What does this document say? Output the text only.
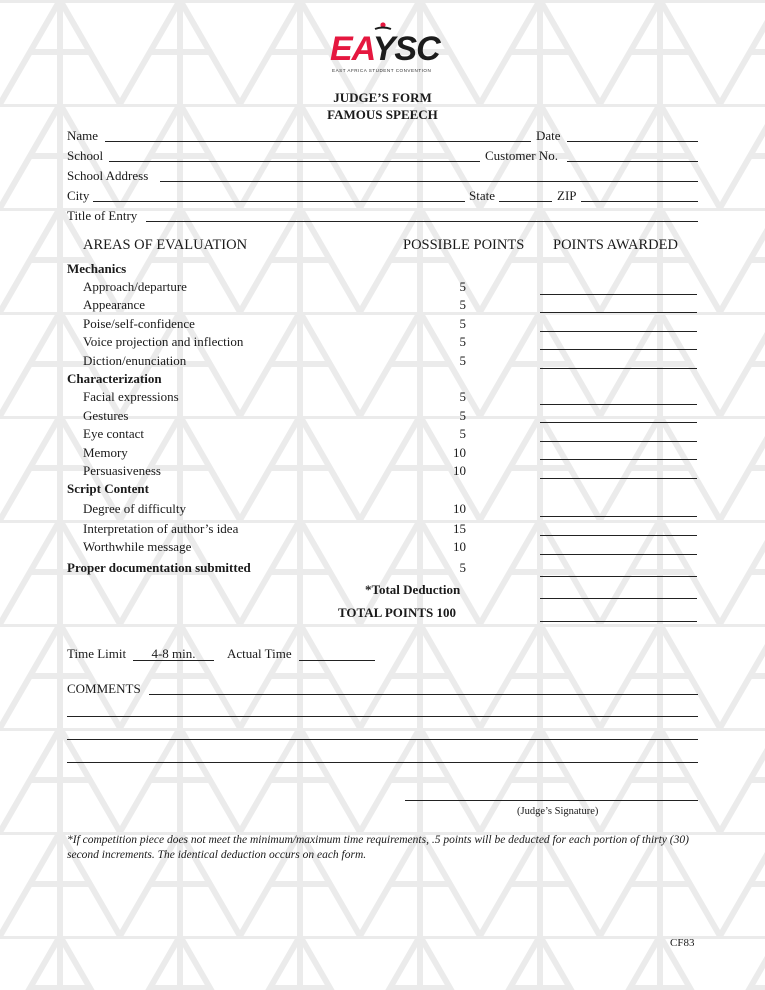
EAYSC
EAST AFRICA STUDENT CONVENTION
JUDGE’S FORM
FAMOUS SPEECH
Name	Date
School	Customer No.
School Address
City	State	ZIP
Title of Entry
AREAS OF EVALUATION	POSSIBLE POINTS POINTS AWARDED
Mechanics
Approach/departure	5
Appearance	5
Poise/self-confidence	5
Voice projection and inflection	5
Diction/enunciation	5
Characterization
Facial expressions	5
Gestures	5
Eye contact	5
Memory	10
Persuasiveness	10
Script Content
Degree of difficulty	10
Interpretation of author’s idea	15
Worthwhile message	10
Proper documentation submitted	5
*Total Deduction
TOTAL POINTS 100
Time Limit	4-8 min.	Actual Time
COMMENTS
(Judge’s Signature)
*If competition piece does not meet the minimum/maximum time requirements, .5 points will be deducted for each portion of thirty (30) second increments. The identical deduction occurs on each form.
CF83
